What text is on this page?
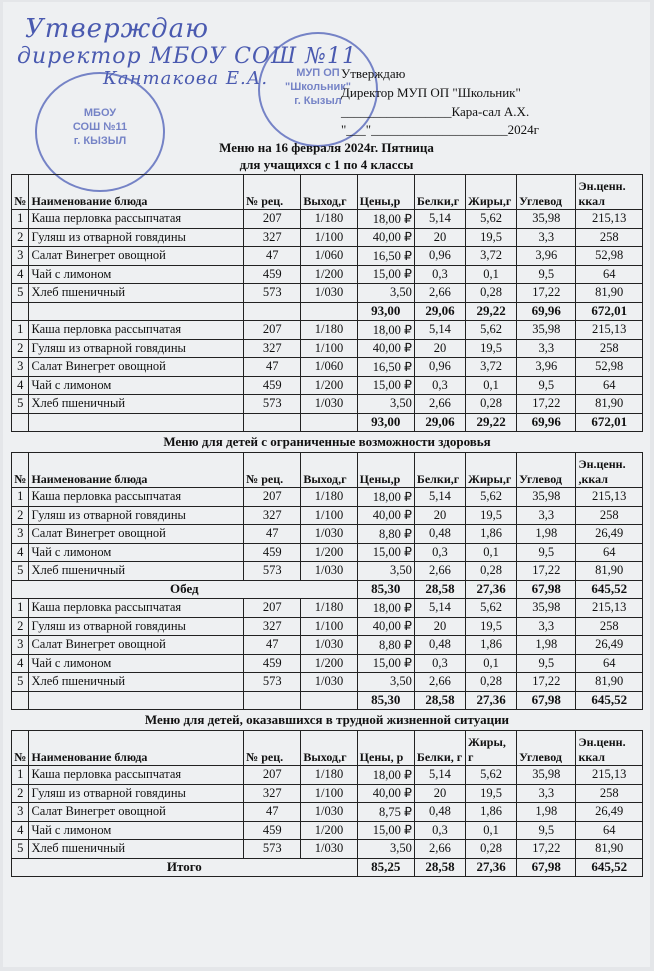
Утверждаю
директор МБОУ СОШ №11
Кантакова Е.А.
МБОУ
СОШ №11
г. КЫЗЫЛ
МУП ОП
"Школьник"
г. Кызыл
Утверждаю
Директор МУП ОП "Школьник"
_________________Кара-сал А.Х.
"___"_____________________2024г
Меню на 16 февраля 2024г. Пятница
для учащихся с 1 по 4 классы
№	Наименование блюда	№ рец.	Выход,г	Цены,р	Белки,г	Жиры,г	Углевод	Эн.ценн. ккал
1	Каша перловка рассыпчатая	207	1/180	18,00 ₽	5,14	5,62	35,98	215,13
2	Гуляш из отварной говядины	327	1/100	40,00 ₽	20	19,5	3,3	258
3	Салат Винегрет овощной	47	1/060	16,50 ₽	0,96	3,72	3,96	52,98
4	Чай с лимоном	459	1/200	15,00 ₽	0,3	0,1	9,5	64
5	Хлеб пшеничный	573	1/030	3,50	2,66	0,28	17,22	81,90
				93,00	29,06	29,22	69,96	672,01
1	Каша перловка рассыпчатая	207	1/180	18,00 ₽	5,14	5,62	35,98	215,13
2	Гуляш из отварной говядины	327	1/100	40,00 ₽	20	19,5	3,3	258
3	Салат Винегрет овощной	47	1/060	16,50 ₽	0,96	3,72	3,96	52,98
4	Чай с лимоном	459	1/200	15,00 ₽	0,3	0,1	9,5	64
5	Хлеб пшеничный	573	1/030	3,50	2,66	0,28	17,22	81,90
				93,00	29,06	29,22	69,96	672,01
Меню для детей с ограниченные возможности здоровья								
№	Наименование блюда	№ рец.	Выход,г	Цены,р	Белки,г	Жиры,г	Углевод	Эн.ценн. ,ккал
1	Каша перловка рассыпчатая	207	1/180	18,00 ₽	5,14	5,62	35,98	215,13
2	Гуляш из отварной говядины	327	1/100	40,00 ₽	20	19,5	3,3	258
3	Салат Винегрет овощной	47	1/030	8,80 ₽	0,48	1,86	1,98	26,49
4	Чай с лимоном	459	1/200	15,00 ₽	0,3	0,1	9,5	64
5	Хлеб пшеничный	573	1/030	3,50	2,66	0,28	17,22	81,90
Обед				85,30	28,58	27,36	67,98	645,52
1	Каша перловка рассыпчатая	207	1/180	18,00 ₽	5,14	5,62	35,98	215,13
2	Гуляш из отварной говядины	327	1/100	40,00 ₽	20	19,5	3,3	258
3	Салат Винегрет овощной	47	1/030	8,80 ₽	0,48	1,86	1,98	26,49
4	Чай с лимоном	459	1/200	15,00 ₽	0,3	0,1	9,5	64
5	Хлеб пшеничный	573	1/030	3,50	2,66	0,28	17,22	81,90
				85,30	28,58	27,36	67,98	645,52
Меню для детей, оказавшихся в трудной жизненной ситуации								
№	Наименование блюда	№ рец.	Выход,г	Цены, р	Белки, г	Жиры, г	Углевод	Эн.ценн. ккал
1	Каша перловка рассыпчатая	207	1/180	18,00 ₽	5,14	5,62	35,98	215,13
2	Гуляш из отварной говядины	327	1/100	40,00 ₽	20	19,5	3,3	258
3	Салат Винегрет овощной	47	1/030	8,75 ₽	0,48	1,86	1,98	26,49
4	Чай с лимоном	459	1/200	15,00 ₽	0,3	0,1	9,5	64
5	Хлеб пшеничный	573	1/030	3,50	2,66	0,28	17,22	81,90
Итого				85,25	28,58	27,36	67,98	645,52
